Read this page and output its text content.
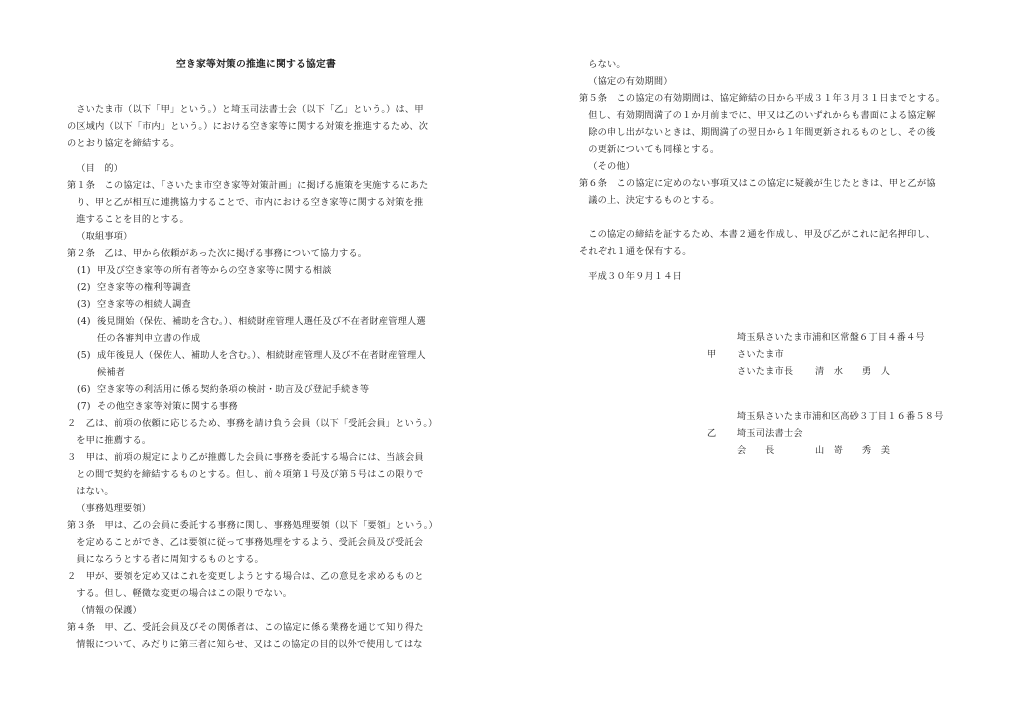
空き家等対策の推進に関する協定書
さいたま市（以下「甲」という。）と埼玉司法書士会（以下「乙」という。）は、甲
の区域内（以下「市内」という。）における空き家等に関する対策を推進するため、次
のとおり協定を締結する。
（目　的）
第１条　この協定は、「さいたま市空き家等対策計画」に掲げる施策を実施するにあた
り、甲と乙が相互に連携協力することで、市内における空き家等に関する対策を推
進することを目的とする。
（取組事項）
第２条　乙は、甲から依頼があった次に掲げる事務について協力する。
(1) 甲及び空き家等の所有者等からの空き家等に関する相談
(2) 空き家等の権利等調査
(3) 空き家等の相続人調査
(4) 後見開始（保佐、補助を含む。）、相続財産管理人選任及び不在者財産管理人選
任の各審判申立書の作成
(5) 成年後見人（保佐人、補助人を含む。）、相続財産管理人及び不在者財産管理人
候補者
(6) 空き家等の利活用に係る契約条項の検討・助言及び登記手続き等
(7) その他空き家等対策に関する事務
２　乙は、前項の依頼に応じるため、事務を請け負う会員（以下「受託会員」という。）
を甲に推薦する。
３　甲は、前項の規定により乙が推薦した会員に事務を委託する場合には、当該会員
との間で契約を締結するものとする。但し、前々項第１号及び第５号はこの限りで
はない。
（事務処理要領）
第３条　甲は、乙の会員に委託する事務に関し、事務処理要領（以下「要領」という。）
を定めることができ、乙は要領に従って事務処理をするよう、受託会員及び受託会
員になろうとする者に周知するものとする。
２　甲が、要領を定め又はこれを変更しようとする場合は、乙の意見を求めるものと
する。但し、軽微な変更の場合はこの限りでない。
（情報の保護）
第４条　甲、乙、受託会員及びその関係者は、この協定に係る業務を通じて知り得た
情報について、みだりに第三者に知らせ、又はこの協定の目的以外で使用してはな
らない。
（協定の有効期間）
第５条　この協定の有効期間は、協定締結の日から平成３１年３月３１日までとする。
但し、有効期間満了の１か月前までに、甲又は乙のいずれからも書面による協定解
除の申し出がないときは、期間満了の翌日から１年間更新されるものとし、その後
の更新についても同様とする。
（その他）
第６条　この協定に定めのない事項又はこの協定に疑義が生じたときは、甲と乙が協
議の上、決定するものとする。
この協定の締結を証するため、本書２通を作成し、甲及び乙がこれに記名押印し、
それぞれ１通を保有する。
平成３０年９月１４日
埼玉県さいたま市浦和区常盤６丁目４番４号
甲 さいたま市
さいたま市長 清　水　　勇　人
埼玉県さいたま市浦和区高砂３丁目１６番５８号
乙 埼玉司法書士会
会　　長	山　嵜　　秀　美
